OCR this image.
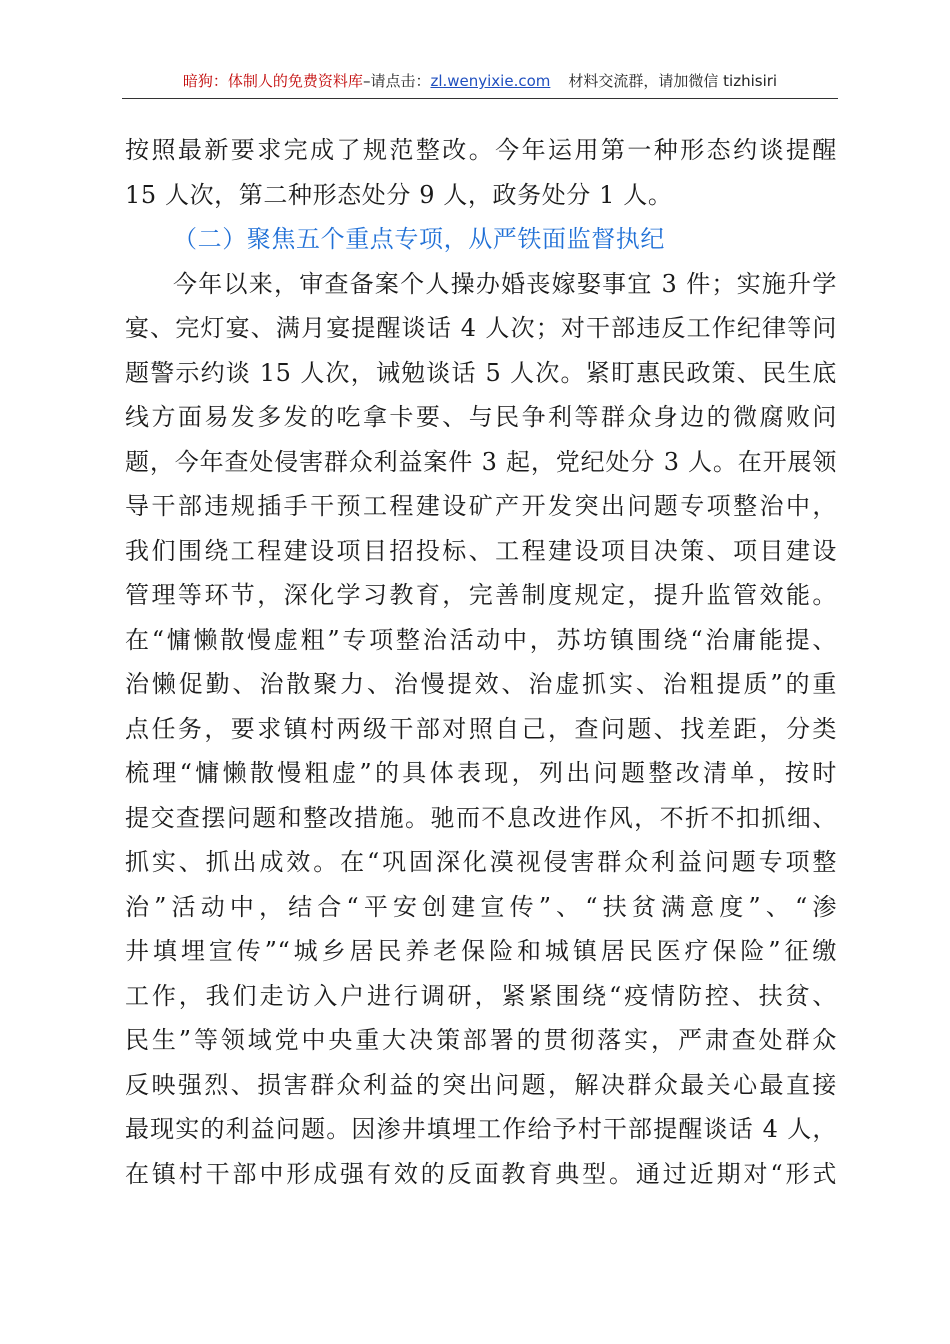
暗狗：体制人的免费资料库–请点击：zl.wenyixie.com 材料交流群，请加微信 tizhisiri
按照最新要求完成了规范整改。今年运用第一种形态约谈提醒
15 人次，第二种形态处分 9 人，政务处分 1 人。
（二）聚焦五个重点专项，从严铁面监督执纪
今年以来，审查备案个人操办婚丧嫁娶事宜 3 件；实施升学
宴、完灯宴、满月宴提醒谈话 4 人次；对干部违反工作纪律等问
题警示约谈 15 人次，诫勉谈话 5 人次。紧盯惠民政策、民生底
线方面易发多发的吃拿卡要、与民争利等群众身边的微腐败问
题，今年查处侵害群众利益案件 3 起，党纪处分 3 人。在开展领
导干部违规插手干预工程建设矿产开发突出问题专项整治中，
我们围绕工程建设项目招投标、工程建设项目决策、项目建设
管理等环节，深化学习教育，完善制度规定，提升监管效能。
在“慵懒散慢虚粗”专项整治活动中，苏坊镇围绕“治庸能提、
治懒促勤、治散聚力、治慢提效、治虚抓实、治粗提质”的重
点任务，要求镇村两级干部对照自己，查问题、找差距，分类
梳理“慵懒散慢粗虚”的具体表现，列出问题整改清单，按时
提交查摆问题和整改措施。驰而不息改进作风，不折不扣抓细、
抓实、抓出成效。在“巩固深化漠视侵害群众利益问题专项整
治”活动中，结合“平安创建宣传”、“扶贫满意度”、“渗
井填埋宣传”“城乡居民养老保险和城镇居民医疗保险”征缴
工作，我们走访入户进行调研，紧紧围绕“疫情防控、扶贫、
民生”等领域党中央重大决策部署的贯彻落实，严肃查处群众
反映强烈、损害群众利益的突出问题，解决群众最关心最直接
最现实的利益问题。因渗井填埋工作给予村干部提醒谈话 4 人，
在镇村干部中形成强有效的反面教育典型。通过近期对“形式
